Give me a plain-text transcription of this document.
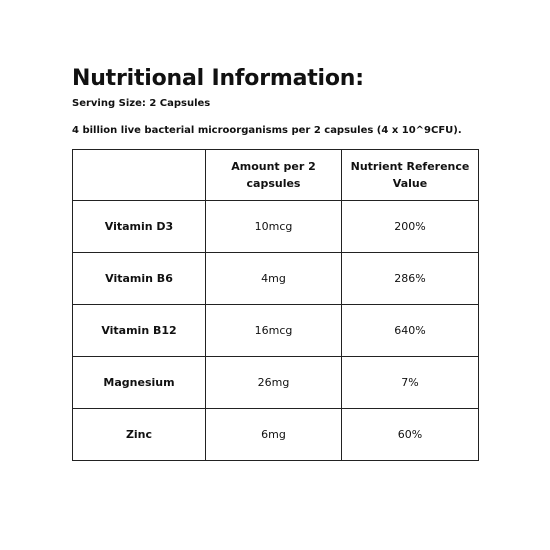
Nutritional Information:
Serving Size: 2 Capsules
4 billion live bacterial microorganisms per 2 capsules (4 x 10^9CFU).
	Amount per 2 capsules	Nutrient Reference Value
Vitamin D3	10mcg	200%
Vitamin B6	4mg	286%
Vitamin B12	16mcg	640%
Magnesium	26mg	7%
Zinc	6mg	60%
